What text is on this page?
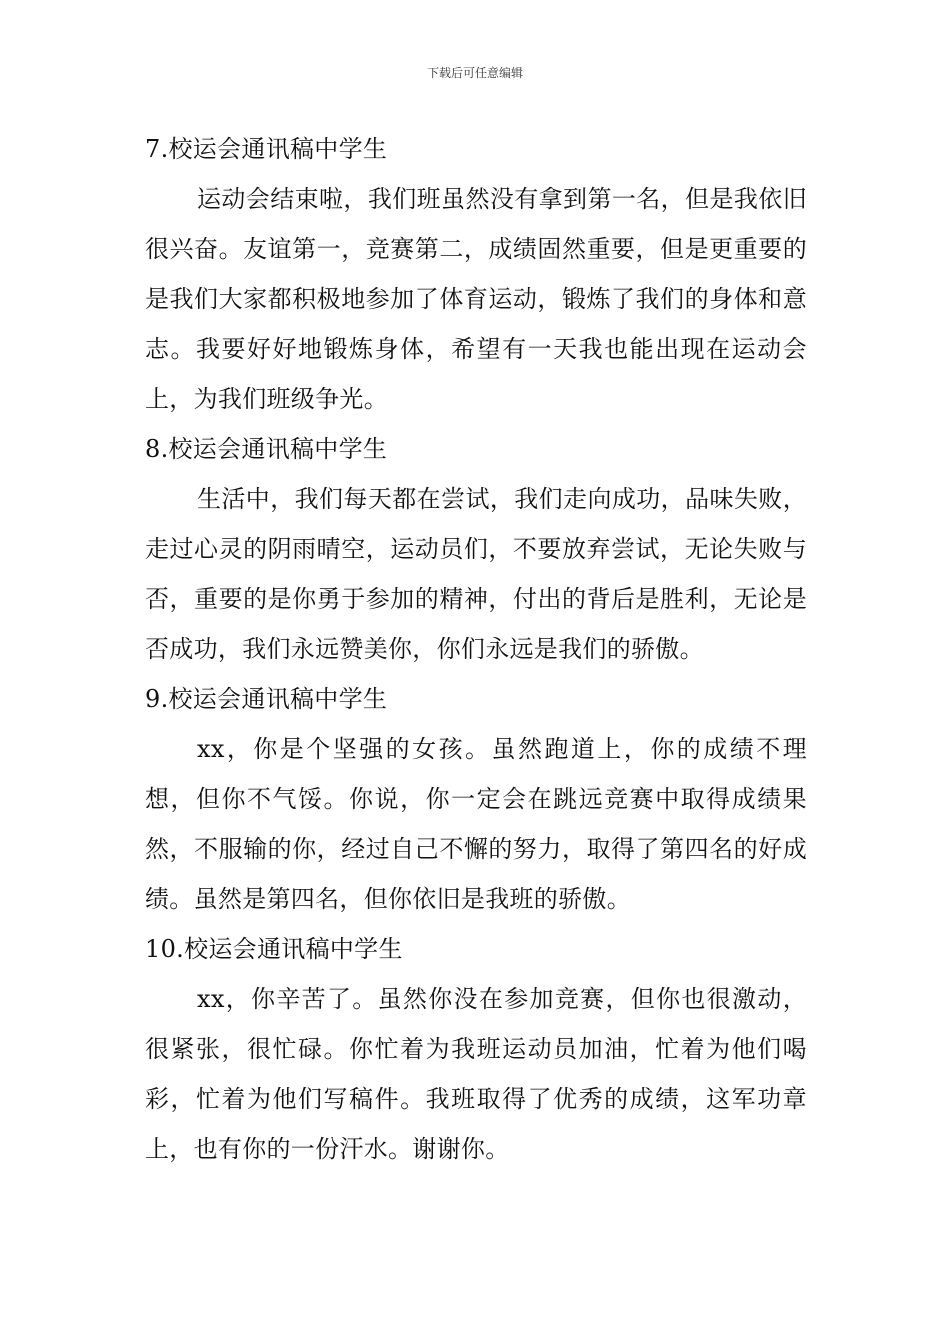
下载后可任意编辑
7.校运会通讯稿中学生

运动会结束啦，我们班虽然没有拿到第一名，但是我依旧很兴奋。友谊第一，竞赛第二，成绩固然重要，但是更重要的是我们大家都积极地参加了体育运动，锻炼了我们的身体和意志。我要好好地锻炼身体，希望有一天我也能出现在运动会上，为我们班级争光。

8.校运会通讯稿中学生

生活中，我们每天都在尝试，我们走向成功，品味失败，走过心灵的阴雨晴空，运动员们，不要放弃尝试，无论失败与否，重要的是你勇于参加的精神，付出的背后是胜利，无论是否成功，我们永远赞美你，你们永远是我们的骄傲。

9.校运会通讯稿中学生

xx，你是个坚强的女孩。虽然跑道上，你的成绩不理想，但你不气馁。你说，你一定会在跳远竞赛中取得成绩果然，不服输的你，经过自己不懈的努力，取得了第四名的好成绩。虽然是第四名，但你依旧是我班的骄傲。

10.校运会通讯稿中学生

xx，你辛苦了。虽然你没在参加竞赛，但你也很激动，很紧张，很忙碌。你忙着为我班运动员加油，忙着为他们喝彩，忙着为他们写稿件。我班取得了优秀的成绩，这军功章上，也有你的一份汗水。谢谢你。
